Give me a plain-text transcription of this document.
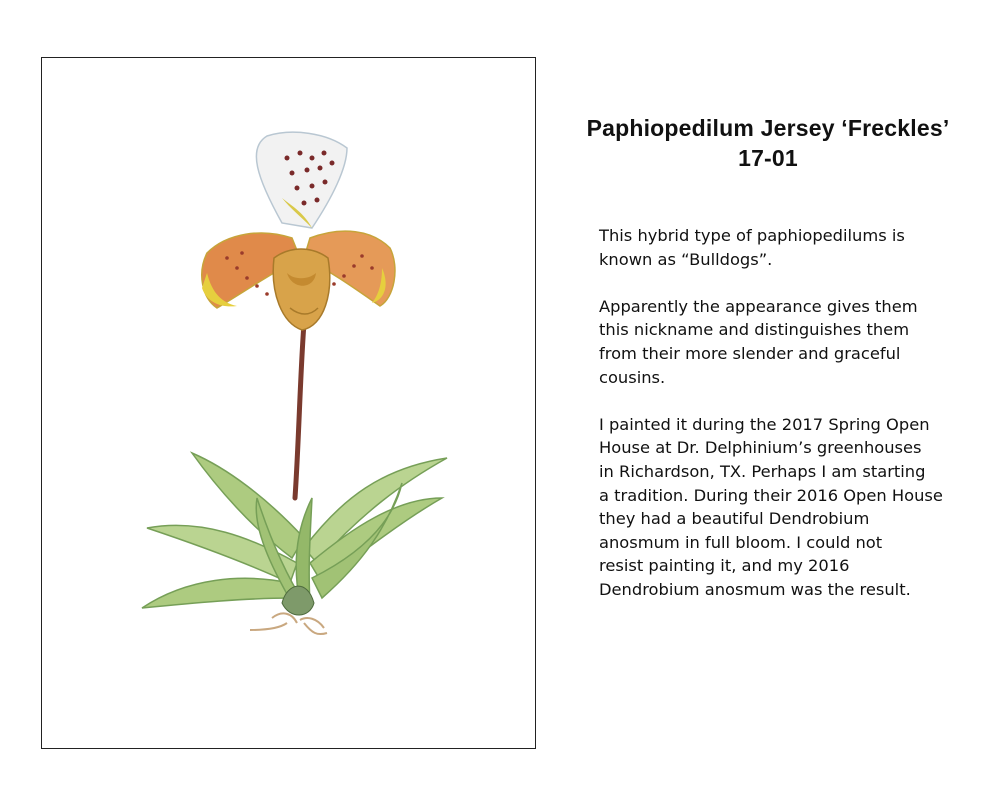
Paphiopedilum Jersey ‘Freckles’
17-01

This hybrid type of paphiopedilums is
known as “Bulldogs”.

Apparently the appearance gives them
this nickname and distinguishes them
from their more slender and graceful
cousins.

I painted it during the 2017 Spring Open
House at Dr. Delphinium’s greenhouses
in Richardson, TX. Perhaps I am starting
a tradition. During their 2016 Open House
they had a beautiful Dendrobium
anosmum in full bloom. I could not
resist painting it, and my 2016
Dendrobium anosmum was the result.
